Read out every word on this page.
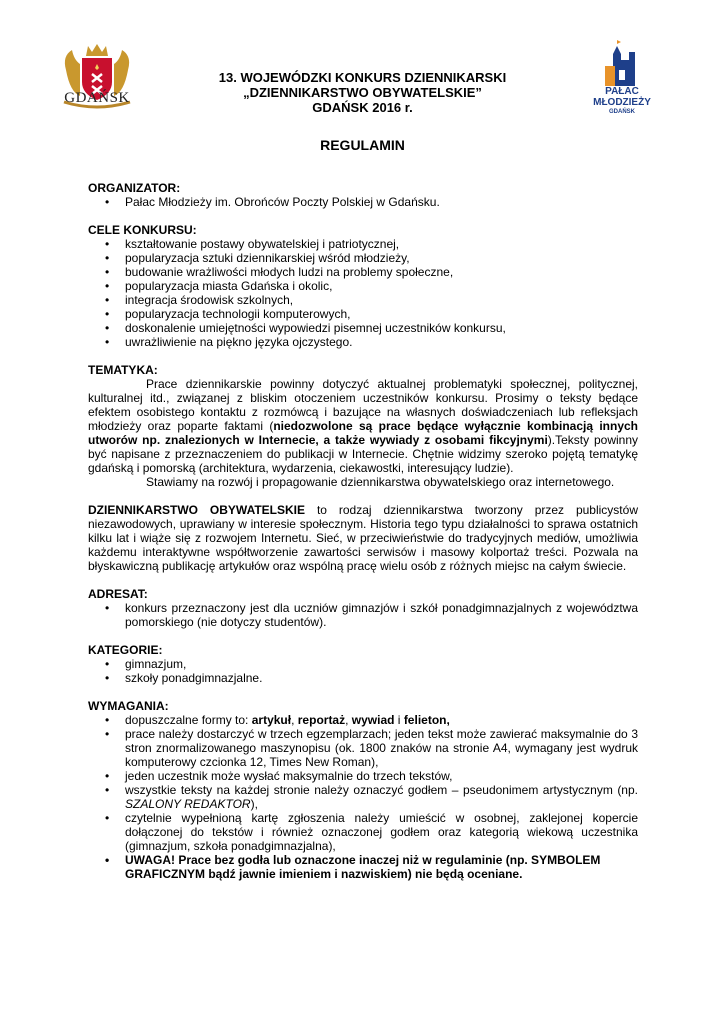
GDAŃSK	PAŁAC
MŁODZIEŻY
GDAŃSK
13. WOJEWÓDZKI KONKURS DZIENNIKARSKI
„DZIENNIKARSTWO OBYWATELSKIE”
GDAŃSK 2016 r.
REGULAMIN
ORGANIZATOR:
• Pałac Młodzieży im. Obrońców Poczty Polskiej w Gdańsku.
CELE KONKURSU:
• kształtowanie postawy obywatelskiej i patriotycznej,
• popularyzacja sztuki dziennikarskiej wśród młodzieży,
• budowanie wrażliwości młodych ludzi na problemy społeczne,
• popularyzacja miasta Gdańska i okolic,
• integracja środowisk szkolnych,
• popularyzacja technologii komputerowych,
• doskonalenie umiejętności wypowiedzi pisemnej uczestników konkursu,
• uwrażliwienie na piękno języka ojczystego.
TEMATYKA:

Prace dziennikarskie powinny dotyczyć aktualnej problematyki społecznej, politycznej, kulturalnej itd., związanej z bliskim otoczeniem uczestników konkursu. Prosimy o teksty będące efektem osobistego kontaktu z rozmówcą i bazujące na własnych doświadczeniach lub refleksjach młodzieży oraz poparte faktami (niedozwolone są prace będące wyłącznie kombinacją innych utworów np. znalezionych w Internecie, a także wywiady z osobami fikcyjnymi).Teksty powinny być napisane z przeznaczeniem do publikacji w Internecie. Chętnie widzimy szeroko pojętą tematykę gdańską i pomorską (architektura, wydarzenia, ciekawostki, interesujący ludzie).

Stawiamy na rozwój i propagowanie dziennikarstwa obywatelskiego oraz internetowego.

DZIENNIKARSTWO OBYWATELSKIE to rodzaj dziennikarstwa tworzony przez publicystów niezawodowych, uprawiany w interesie społecznym. Historia tego typu działalności to sprawa ostatnich kilku lat i wiąże się z rozwojem Internetu. Sieć, w przeciwieństwie do tradycyjnych mediów, umożliwia każdemu interaktywne współtworzenie zawartości serwisów i masowy kolportaż treści. Pozwala na błyskawiczną publikację artykułów oraz wspólną pracę wielu osób z różnych miejsc na całym świecie.

ADRESAT:
• konkurs przeznaczony jest dla uczniów gimnazjów i szkół ponadgimnazjalnych z województwa pomorskiego (nie dotyczy studentów).
KATEGORIE:
• gimnazjum,
• szkoły ponadgimnazjalne.
WYMAGANIA:
• dopuszczalne formy to: artykuł, reportaż, wywiad i felieton,
• prace należy dostarczyć w trzech egzemplarzach; jeden tekst może zawierać maksymalnie do 3 stron znormalizowanego maszynopisu (ok. 1800 znaków na stronie A4, wymagany jest wydruk komputerowy czcionka 12, Times New Roman),
• jeden uczestnik może wysłać maksymalnie do trzech tekstów,
• wszystkie teksty na każdej stronie należy oznaczyć godłem – pseudonimem artystycznym (np. SZALONY REDAKTOR),
• czytelnie wypełnioną kartę zgłoszenia należy umieścić w osobnej, zaklejonej kopercie dołączonej do tekstów i również oznaczonej godłem oraz kategorią wiekową uczestnika (gimnazjum, szkoła ponadgimnazjalna),
• UWAGA! Prace bez godła lub oznaczone inaczej niż w regulaminie (np. SYMBOLEM GRAFICZNYM bądź jawnie imieniem i nazwiskiem) nie będą oceniane.
